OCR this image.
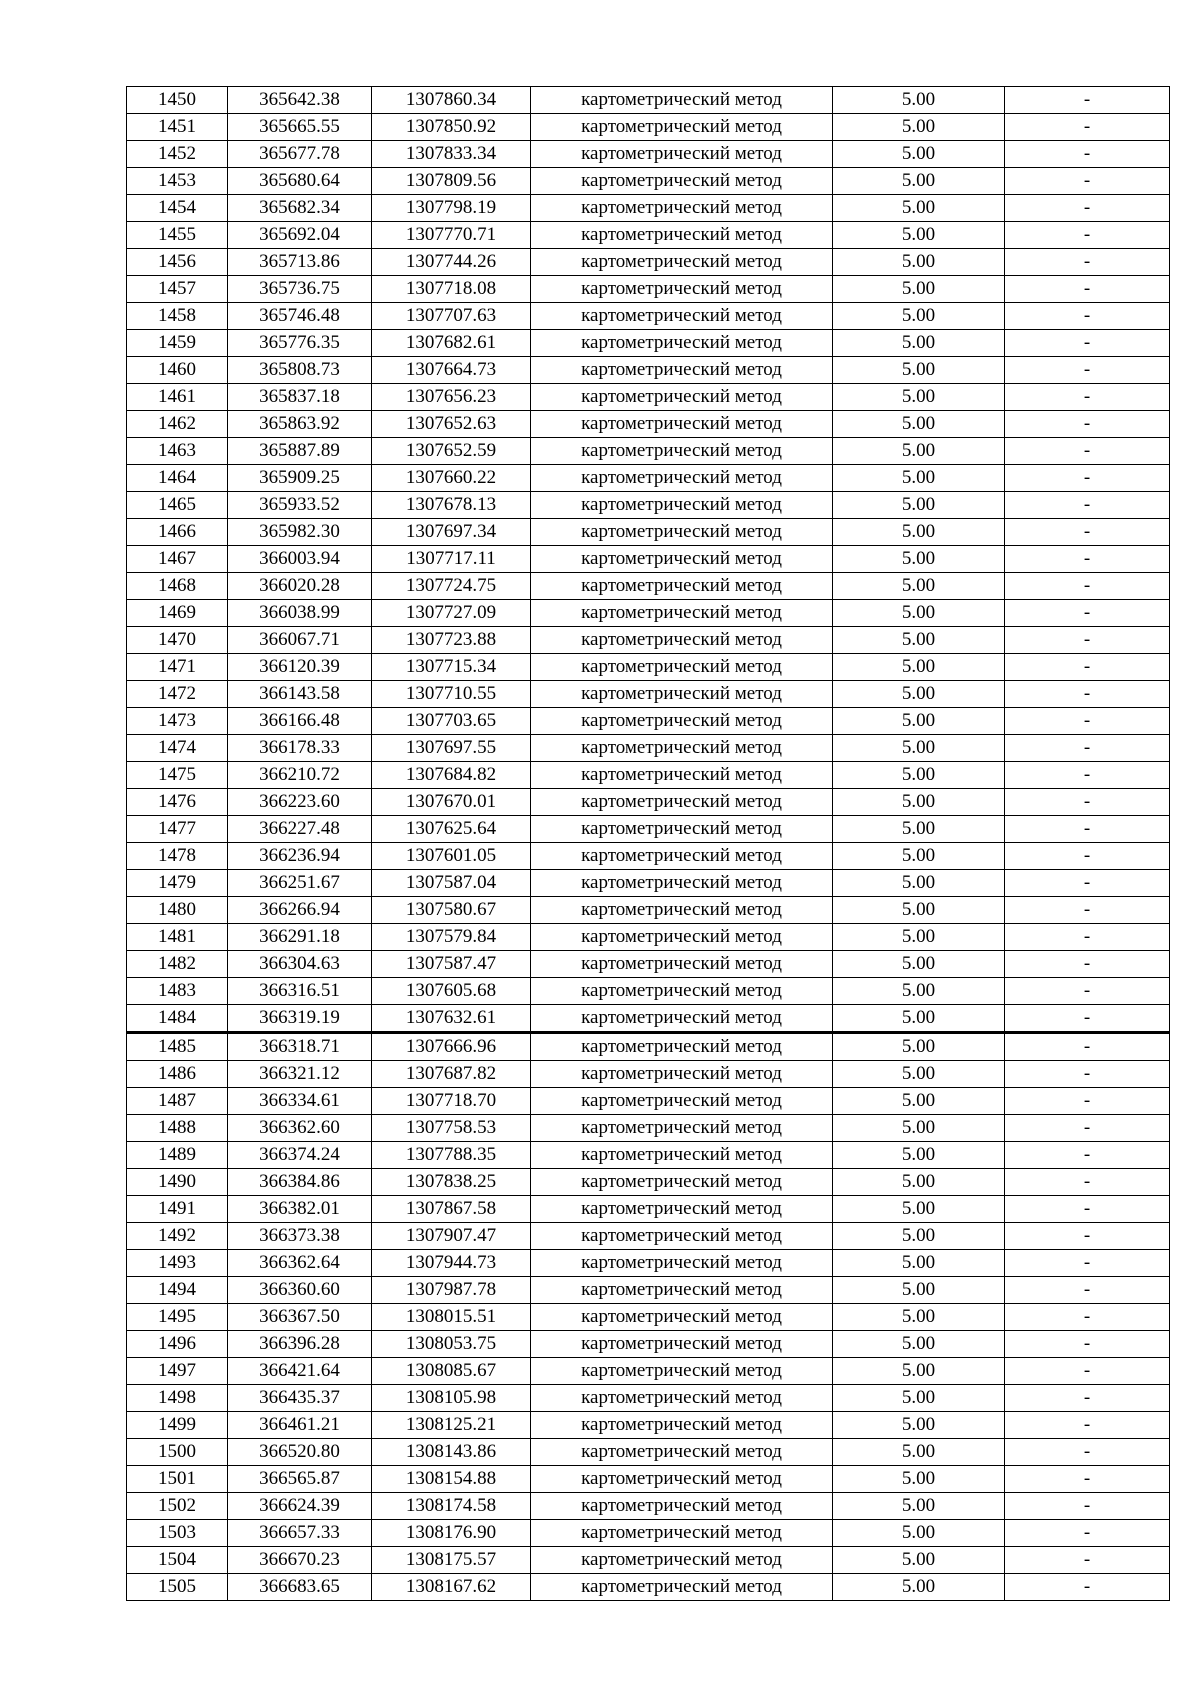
1450	365642.38	1307860.34	картометрический метод	5.00	-
1451	365665.55	1307850.92	картометрический метод	5.00	-
1452	365677.78	1307833.34	картометрический метод	5.00	-
1453	365680.64	1307809.56	картометрический метод	5.00	-
1454	365682.34	1307798.19	картометрический метод	5.00	-
1455	365692.04	1307770.71	картометрический метод	5.00	-
1456	365713.86	1307744.26	картометрический метод	5.00	-
1457	365736.75	1307718.08	картометрический метод	5.00	-
1458	365746.48	1307707.63	картометрический метод	5.00	-
1459	365776.35	1307682.61	картометрический метод	5.00	-
1460	365808.73	1307664.73	картометрический метод	5.00	-
1461	365837.18	1307656.23	картометрический метод	5.00	-
1462	365863.92	1307652.63	картометрический метод	5.00	-
1463	365887.89	1307652.59	картометрический метод	5.00	-
1464	365909.25	1307660.22	картометрический метод	5.00	-
1465	365933.52	1307678.13	картометрический метод	5.00	-
1466	365982.30	1307697.34	картометрический метод	5.00	-
1467	366003.94	1307717.11	картометрический метод	5.00	-
1468	366020.28	1307724.75	картометрический метод	5.00	-
1469	366038.99	1307727.09	картометрический метод	5.00	-
1470	366067.71	1307723.88	картометрический метод	5.00	-
1471	366120.39	1307715.34	картометрический метод	5.00	-
1472	366143.58	1307710.55	картометрический метод	5.00	-
1473	366166.48	1307703.65	картометрический метод	5.00	-
1474	366178.33	1307697.55	картометрический метод	5.00	-
1475	366210.72	1307684.82	картометрический метод	5.00	-
1476	366223.60	1307670.01	картометрический метод	5.00	-
1477	366227.48	1307625.64	картометрический метод	5.00	-
1478	366236.94	1307601.05	картометрический метод	5.00	-
1479	366251.67	1307587.04	картометрический метод	5.00	-
1480	366266.94	1307580.67	картометрический метод	5.00	-
1481	366291.18	1307579.84	картометрический метод	5.00	-
1482	366304.63	1307587.47	картометрический метод	5.00	-
1483	366316.51	1307605.68	картометрический метод	5.00	-
1484	366319.19	1307632.61	картометрический метод	5.00	-
1485	366318.71	1307666.96	картометрический метод	5.00	-
1486	366321.12	1307687.82	картометрический метод	5.00	-
1487	366334.61	1307718.70	картометрический метод	5.00	-
1488	366362.60	1307758.53	картометрический метод	5.00	-
1489	366374.24	1307788.35	картометрический метод	5.00	-
1490	366384.86	1307838.25	картометрический метод	5.00	-
1491	366382.01	1307867.58	картометрический метод	5.00	-
1492	366373.38	1307907.47	картометрический метод	5.00	-
1493	366362.64	1307944.73	картометрический метод	5.00	-
1494	366360.60	1307987.78	картометрический метод	5.00	-
1495	366367.50	1308015.51	картометрический метод	5.00	-
1496	366396.28	1308053.75	картометрический метод	5.00	-
1497	366421.64	1308085.67	картометрический метод	5.00	-
1498	366435.37	1308105.98	картометрический метод	5.00	-
1499	366461.21	1308125.21	картометрический метод	5.00	-
1500	366520.80	1308143.86	картометрический метод	5.00	-
1501	366565.87	1308154.88	картометрический метод	5.00	-
1502	366624.39	1308174.58	картометрический метод	5.00	-
1503	366657.33	1308176.90	картометрический метод	5.00	-
1504	366670.23	1308175.57	картометрический метод	5.00	-
1505	366683.65	1308167.62	картометрический метод	5.00	-
